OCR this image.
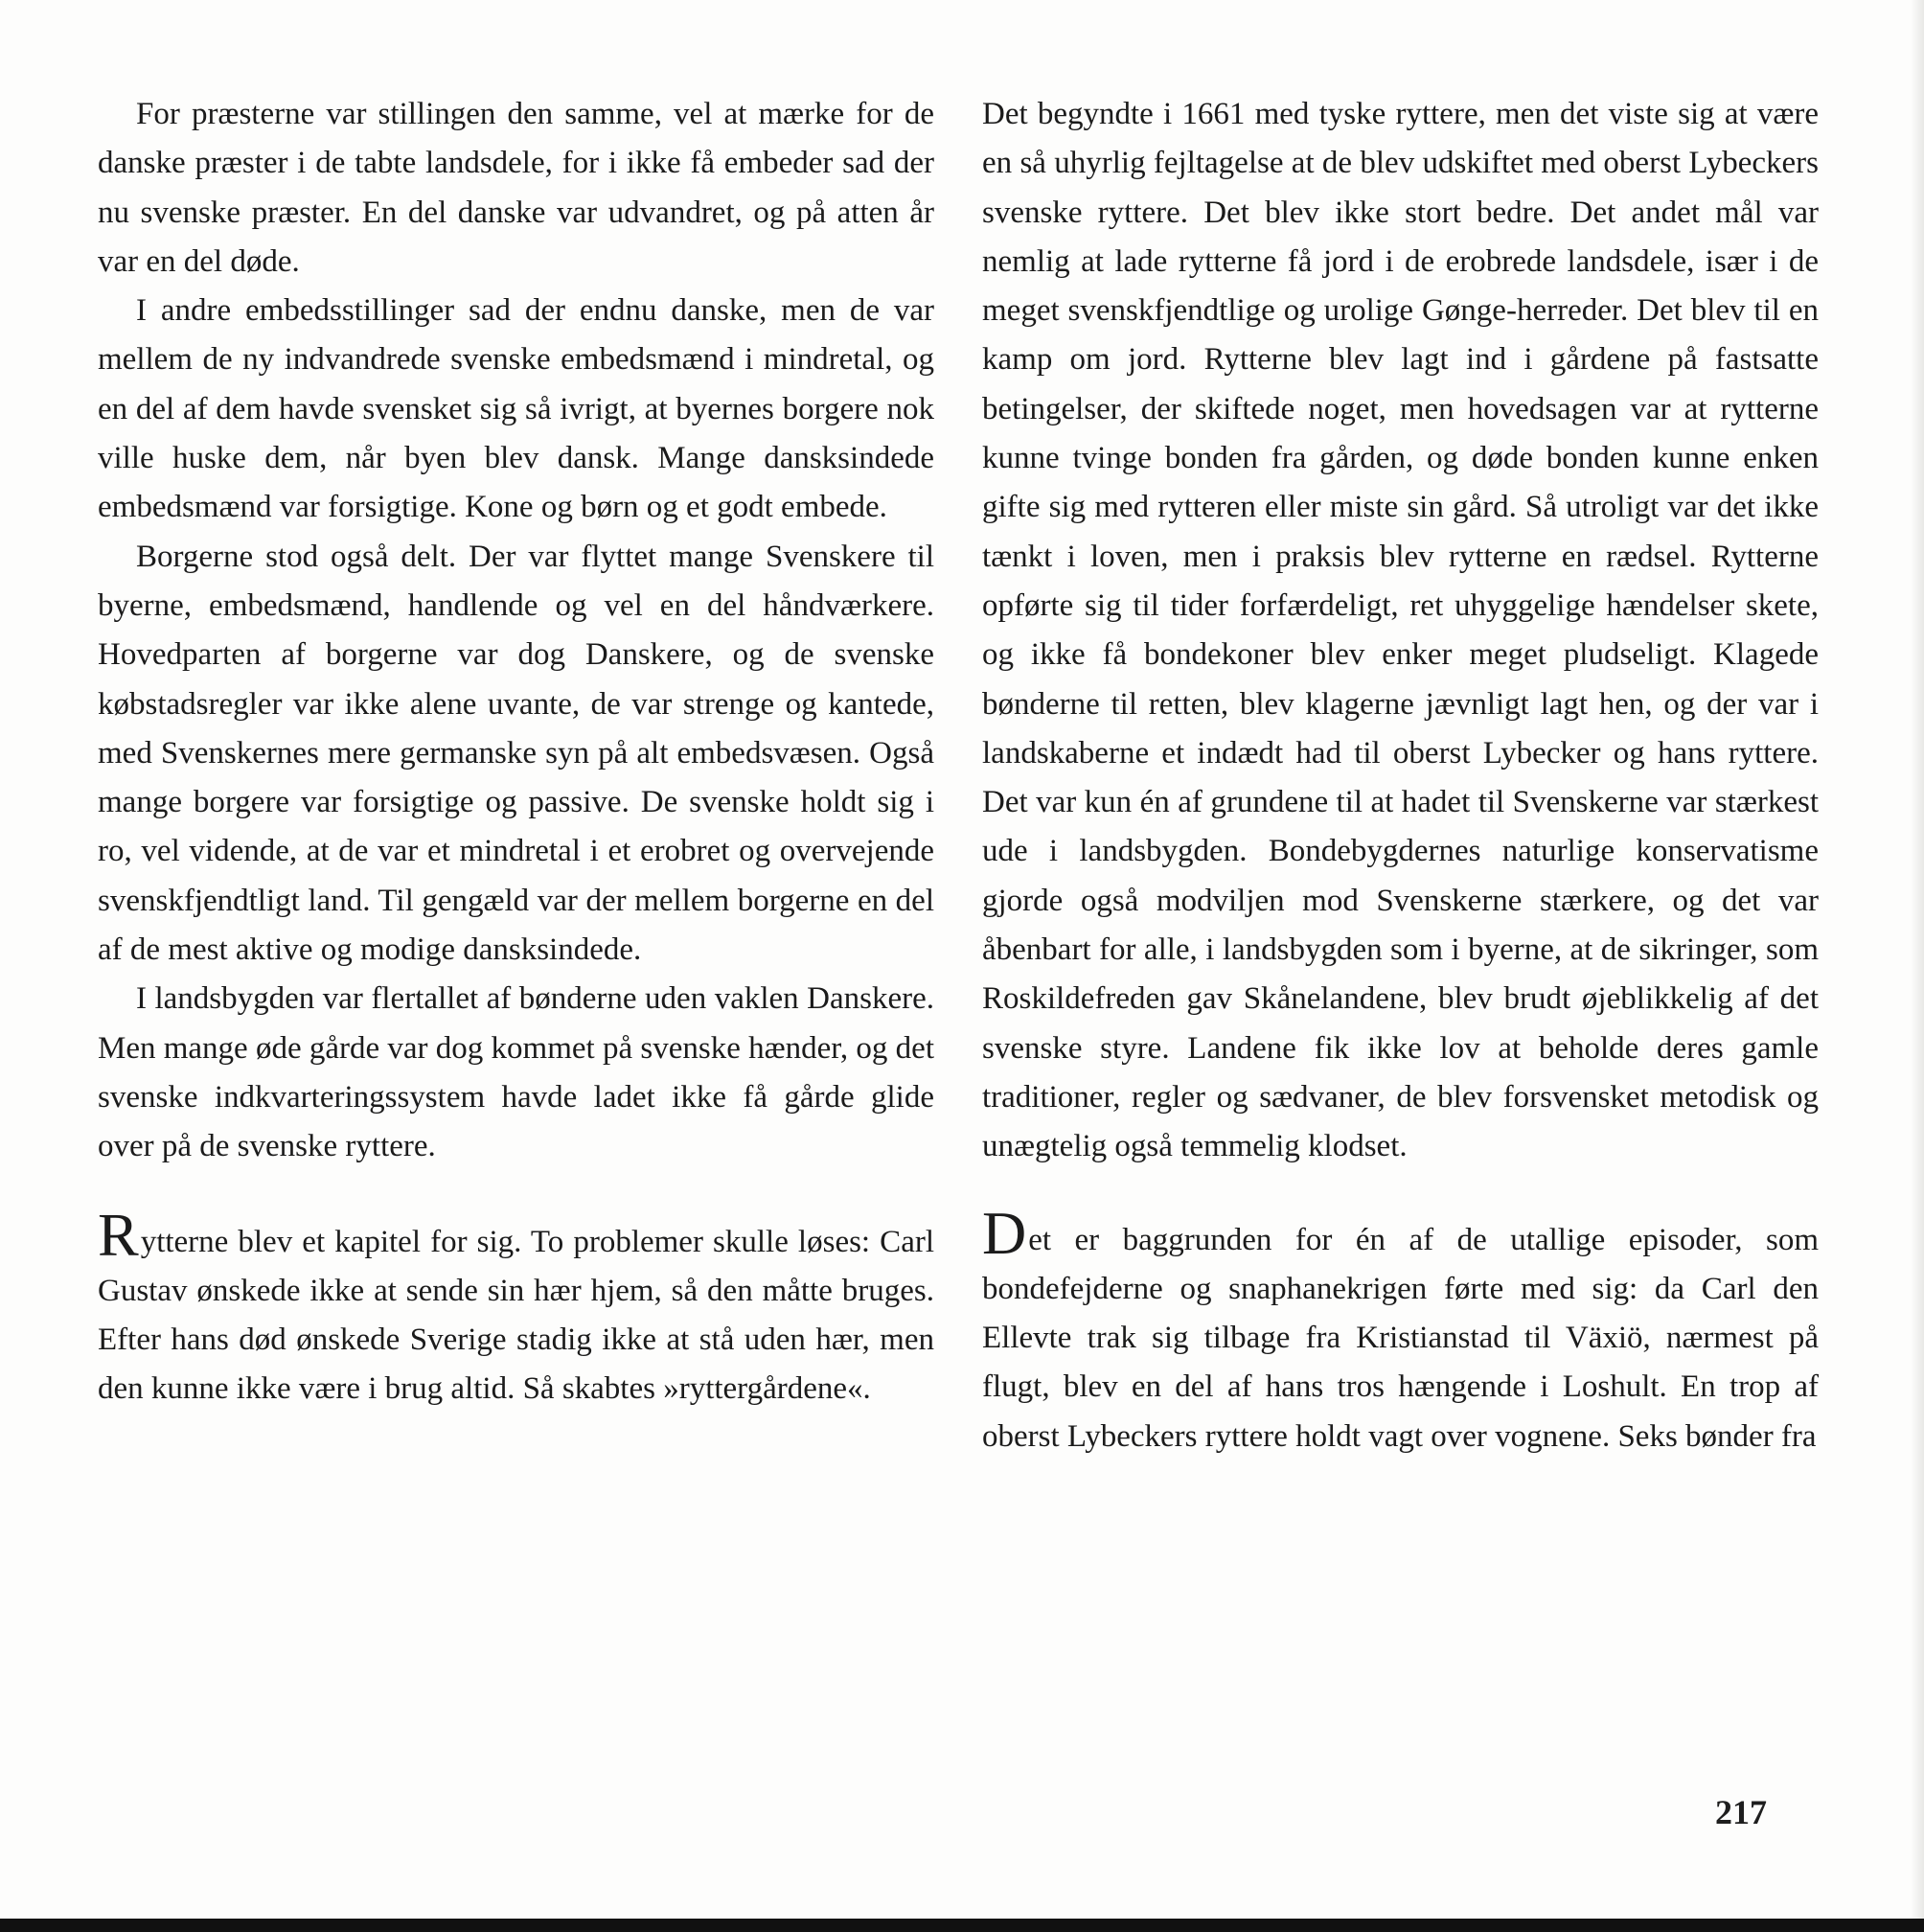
For præsterne var stillingen den samme, vel at mærke for de danske præster i de tabte landsdele, for i ikke få embeder sad der nu svenske præster. En del danske var udvandret, og på atten år var en del døde.

I andre embedsstillinger sad der endnu danske, men de var mellem de ny indvandrede svenske embedsmænd i mindretal, og en del af dem havde svensket sig så ivrigt, at byernes borgere nok ville huske dem, når byen blev dansk. Mange dansksindede embedsmænd var forsigtige. Kone og børn og et godt embede.

Borgerne stod også delt. Der var flyttet mange Svenskere til byerne, embedsmænd, handlende og vel en del håndværkere. Hovedparten af borgerne var dog Danskere, og de svenske købstadsregler var ikke alene uvante, de var strenge og kantede, med Svenskernes mere germanske syn på alt embedsvæsen. Også mange borgere var forsigtige og passive. De svenske holdt sig i ro, vel vidende, at de var et mindretal i et erobret og overvejende svenskfjendtligt land. Til gengæld var der mellem borgerne en del af de mest aktive og modige dansksindede.

I landsbygden var flertallet af bønderne uden vaklen Danskere. Men mange øde gårde var dog kommet på svenske hænder, og det svenske indkvarteringssystem havde ladet ikke få gårde glide over på de svenske ryttere.

Rytterne blev et kapitel for sig. To problemer skulle løses: Carl Gustav ønskede ikke at sende sin hær hjem, så den måtte bruges. Efter hans død ønskede Sverige stadig ikke at stå uden hær, men den kunne ikke være i brug altid. Så skabtes »ryttergårdene«.

Det begyndte i 1661 med tyske ryttere, men det viste sig at være en så uhyrlig fejltagelse at de blev udskiftet med oberst Lybeckers svenske ryttere. Det blev ikke stort bedre. Det andet mål var nemlig at lade rytterne få jord i de erobrede landsdele, især i de meget svenskfjendtlige og urolige Gønge-herreder. Det blev til en kamp om jord. Rytterne blev lagt ind i gårdene på fastsatte betingelser, der skiftede noget, men hovedsagen var at rytterne kunne tvinge bonden fra gården, og døde bonden kunne enken gifte sig med rytteren eller miste sin gård. Så utroligt var det ikke tænkt i loven, men i praksis blev rytterne en rædsel. Rytterne opførte sig til tider forfærdeligt, ret uhyggelige hændelser skete, og ikke få bondekoner blev enker meget pludseligt. Klagede bønderne til retten, blev klagerne jævnligt lagt hen, og der var i landskaberne et indædt had til oberst Lybecker og hans ryttere. Det var kun én af grundene til at hadet til Svenskerne var stærkest ude i landsbygden. Bondebygdernes naturlige konservatisme gjorde også modviljen mod Svenskerne stærkere, og det var åbenbart for alle, i landsbygden som i byerne, at de sikringer, som Roskildefreden gav Skånelandene, blev brudt øjeblikkelig af det svenske styre. Landene fik ikke lov at beholde deres gamle traditioner, regler og sædvaner, de blev forsvensket metodisk og unægtelig også temmelig klodset.

Det er baggrunden for én af de utallige episoder, som bondefejderne og snaphanekrigen førte med sig: da Carl den Ellevte trak sig tilbage fra Kristianstad til Växiö, nærmest på flugt, blev en del af hans tros hængende i Loshult. En trop af oberst Lybeckers ryttere holdt vagt over vognene. Seks bønder fra

217
